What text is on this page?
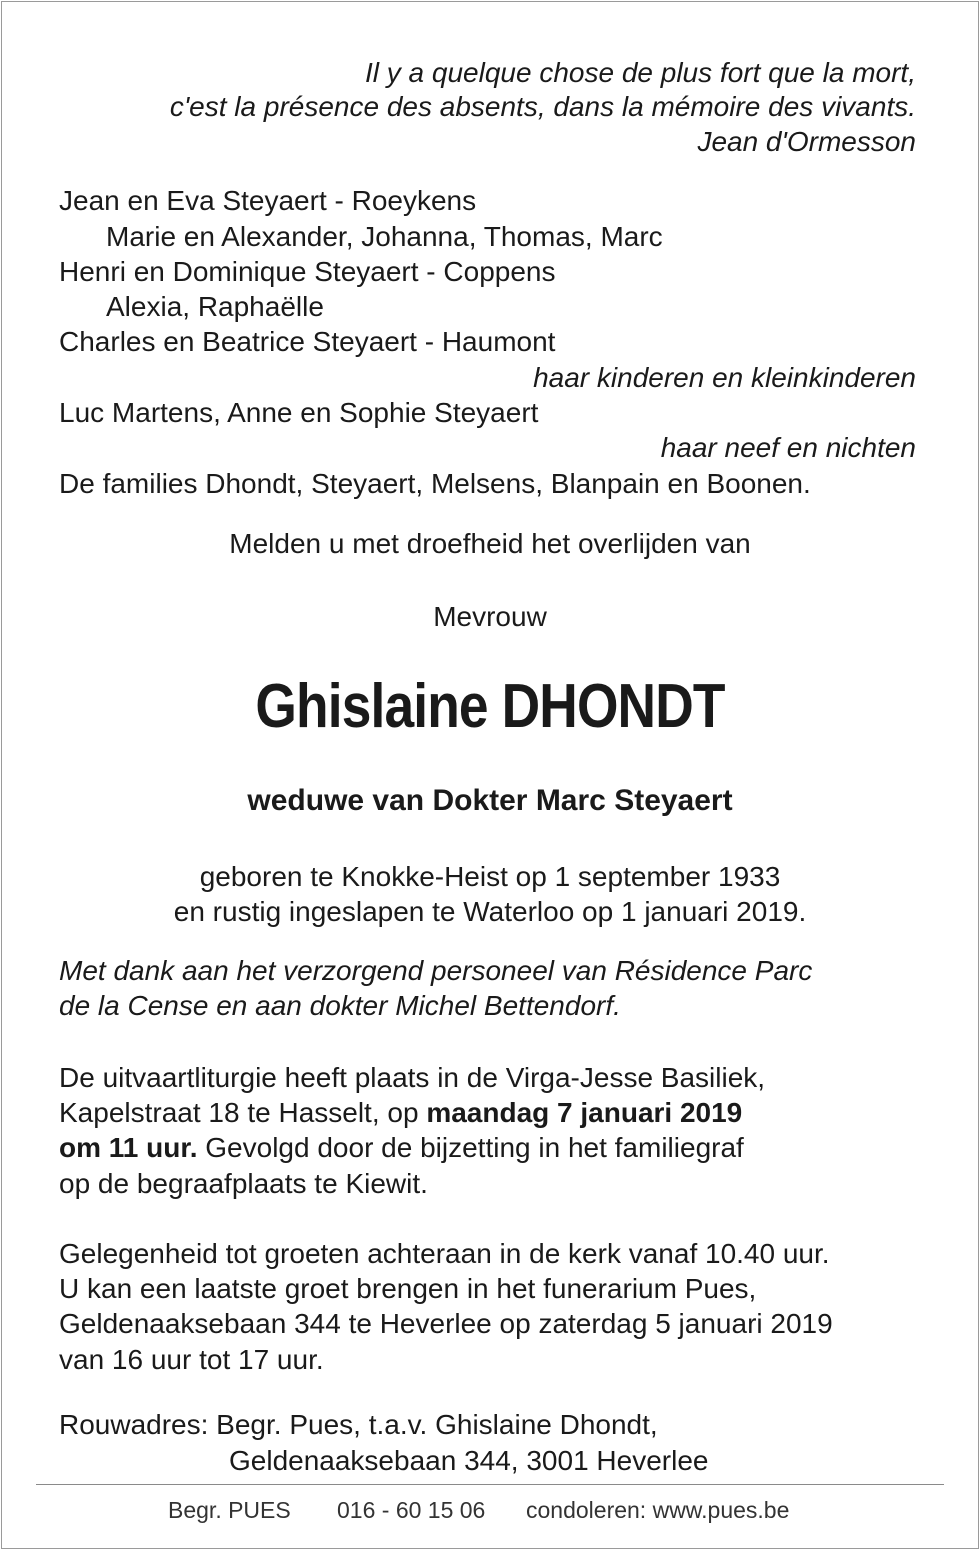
Il y a quelque chose de plus fort que la mort,
c'est la présence des absents, dans la mémoire des vivants.
Jean d'Ormesson
Jean en Eva Steyaert - Roeykens
Marie en Alexander, Johanna, Thomas, Marc
Henri en Dominique Steyaert - Coppens
Alexia, Raphaëlle
Charles en Beatrice Steyaert - Haumont
haar kinderen en kleinkinderen
Luc Martens, Anne en Sophie Steyaert
haar neef en nichten
De families Dhondt, Steyaert, Melsens, Blanpain en Boonen.
Melden u met droefheid het overlijden van
Mevrouw
Ghislaine DHONDT
weduwe van Dokter Marc Steyaert
geboren te Knokke-Heist op 1 september 1933
en rustig ingeslapen te Waterloo op 1 januari 2019.
Met dank aan het verzorgend personeel van Résidence Parc
de la Cense en aan dokter Michel Bettendorf.
De uitvaartliturgie heeft plaats in de Virga-Jesse Basiliek,
Kapelstraat 18 te Hasselt, op maandag 7 januari 2019
om 11 uur. Gevolgd door de bijzetting in het familiegraf
op de begraafplaats te Kiewit.
Gelegenheid tot groeten achteraan in de kerk vanaf 10.40 uur.
U kan een laatste groet brengen in het funerarium Pues,
Geldenaaksebaan 344 te Heverlee op zaterdag 5 januari 2019
van 16 uur tot 17 uur.
Rouwadres: Begr. Pues, t.a.v. Ghislaine Dhondt,
Geldenaaksebaan 344, 3001 Heverlee
Begr. PUES 016 - 60 15 06 condoleren: www.pues.be
